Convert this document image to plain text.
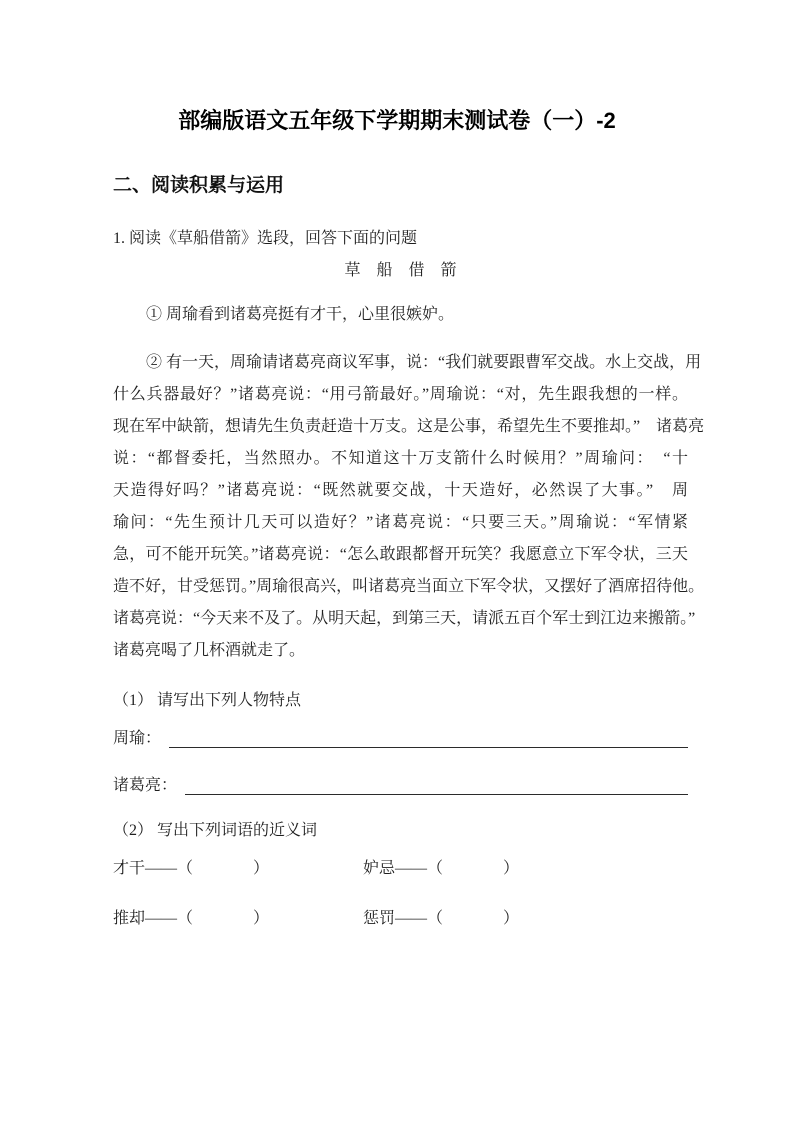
部编版语文五年级下学期期末测试卷（一）-2
二、阅读积累与运用
1. 阅读《草船借箭》选段，回答下面的问题
草　船　借　箭
① 周瑜看到诸葛亮挺有才干，心里很嫉妒。
② 有一天，周瑜请诸葛亮商议军事，说：“我们就要跟曹军交战。水上交战，用
什么兵器最好？”诸葛亮说：“用弓箭最好。”周瑜说：“对，先生跟我想的一样。
现在军中缺箭，想请先生负责赶造十万支。这是公事，希望先生不要推却。”　诸葛亮
说：“都督委托，当然照办。不知道这十万支箭什么时候用？”周瑜问：　“十
天造得好吗？”诸葛亮说：“既然就要交战，十天造好，必然误了大事。”　周
瑜问：“先生预计几天可以造好？”诸葛亮说：“只要三天。”周瑜说：“军情紧
急，可不能开玩笑。”诸葛亮说：“怎么敢跟都督开玩笑？我愿意立下军令状，三天
造不好，甘受惩罚。”周瑜很高兴，叫诸葛亮当面立下军令状，又摆好了酒席招待他。
诸葛亮说：“今天来不及了。从明天起，到第三天，请派五百个军士到江边来搬箭。”
诸葛亮喝了几杯酒就走了。
（1） 请写出下列人物特点
周瑜：
诸葛亮：
（2） 写出下列词语的近义词
才干——（	）	妒忌——（	）
推却——（	）	惩罚——（	）
